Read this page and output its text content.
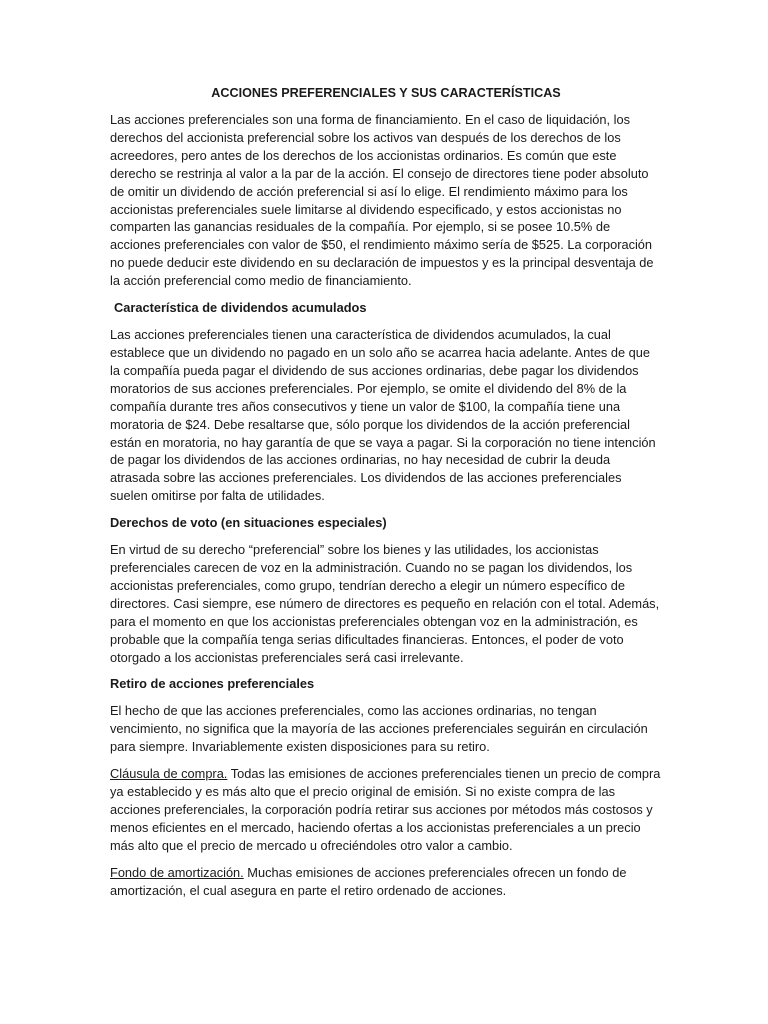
ACCIONES PREFERENCIALES Y SUS CARACTERÍSTICAS

Las acciones preferenciales son una forma de financiamiento. En el caso de liquidación, los derechos del accionista preferencial sobre los activos van después de los derechos de los acreedores, pero antes de los derechos de los accionistas ordinarios. Es común que este derecho se restrinja al valor a la par de la acción. El consejo de directores tiene poder absoluto de omitir un dividendo de acción preferencial si así lo elige. El rendimiento máximo para los accionistas preferenciales suele limitarse al dividendo especificado, y estos accionistas no comparten las ganancias residuales de la compañía. Por ejemplo, si se posee 10.5% de acciones preferenciales con valor de $50, el rendimiento máximo sería de $525. La corporación no puede deducir este dividendo en su declaración de impuestos y es la principal desventaja de la acción preferencial como medio de financiamiento.

Característica de dividendos acumulados

Las acciones preferenciales tienen una característica de dividendos acumulados, la cual establece que un dividendo no pagado en un solo año se acarrea hacia adelante. Antes de que la compañía pueda pagar el dividendo de sus acciones ordinarias, debe pagar los dividendos moratorios de sus acciones preferenciales. Por ejemplo, se omite el dividendo del 8% de la compañía durante tres años consecutivos y tiene un valor de $100, la compañía tiene una moratoria de $24. Debe resaltarse que, sólo porque los dividendos de la acción preferencial están en moratoria, no hay garantía de que se vaya a pagar. Si la corporación no tiene intención de pagar los dividendos de las acciones ordinarias, no hay necesidad de cubrir la deuda atrasada sobre las acciones preferenciales. Los dividendos de las acciones preferenciales suelen omitirse por falta de utilidades.

Derechos de voto (en situaciones especiales)

En virtud de su derecho “preferencial” sobre los bienes y las utilidades, los accionistas preferenciales carecen de voz en la administración. Cuando no se pagan los dividendos, los accionistas preferenciales, como grupo, tendrían derecho a elegir un número específico de directores. Casi siempre, ese número de directores es pequeño en relación con el total. Además, para el momento en que los accionistas preferenciales obtengan voz en la administración, es probable que la compañía tenga serias dificultades financieras. Entonces, el poder de voto otorgado a los accionistas preferenciales será casi irrelevante.

Retiro de acciones preferenciales

El hecho de que las acciones preferenciales, como las acciones ordinarias, no tengan vencimiento, no significa que la mayoría de las acciones preferenciales seguirán en circulación para siempre. Invariablemente existen disposiciones para su retiro.

Cláusula de compra. Todas las emisiones de acciones preferenciales tienen un precio de compra ya establecido y es más alto que el precio original de emisión. Si no existe compra de las acciones preferenciales, la corporación podría retirar sus acciones por métodos más costosos y menos eficientes en el mercado, haciendo ofertas a los accionistas preferenciales a un precio más alto que el precio de mercado u ofreciéndoles otro valor a cambio.

Fondo de amortización. Muchas emisiones de acciones preferenciales ofrecen un fondo de amortización, el cual asegura en parte el retiro ordenado de acciones.
